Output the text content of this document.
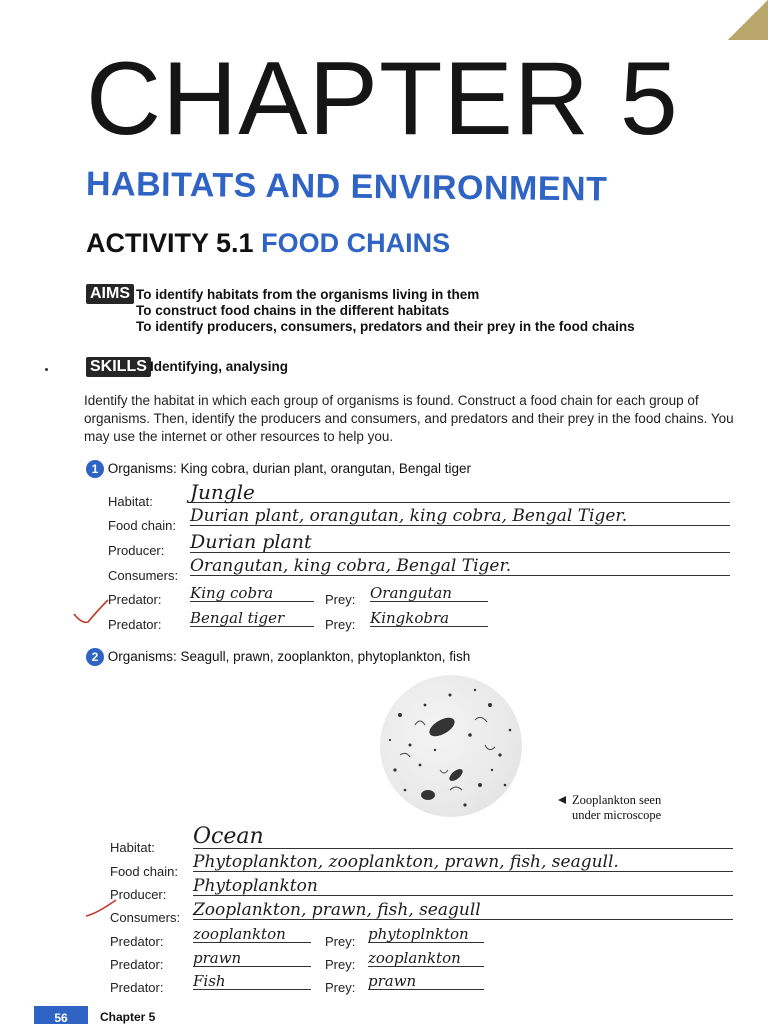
CHAPTER 5
HABITATS AND ENVIRONMENT
ACTIVITY 5.1 FOOD CHAINS
AIMS To identify habitats from the organisms living in them
To construct food chains in the different habitats
To identify producers, consumers, predators and their prey in the food chains
SKILLS Identifying, analysing
Identify the habitat in which each group of organisms is found. Construct a food chain for each group of organisms. Then, identify the producers and consumers, and predators and their prey in the food chains. You may use the internet or other resources to help you.
1 Organisms: King cobra, durian plant, orangutan, Bengal tiger
Habitat: Jungle
Food chain: Durian plant, orangutan, king cobra, Bengal Tiger.
Producer: Durian plant
Consumers: Orangutan, king cobra, Bengal Tiger.
Predator: King cobra	Prey: Orangutan
Predator: Bengal tiger	Prey: Kingkobra
2 Organisms: Seagull, prawn, zooplankton, phytoplankton, fish
Zooplankton seen
under microscope
Habitat: Ocean
Food chain: Phytoplankton, zooplankton, prawn, fish, seagull.
Producer: Phytoplankton
Consumers: Zooplankton, prawn, fish, seagull
Predator: zooplankton	Prey: phytoplnkton
Predator: prawn	Prey: zooplankton
Predator: Fish	Prey: prawn
56	Chapter 5
